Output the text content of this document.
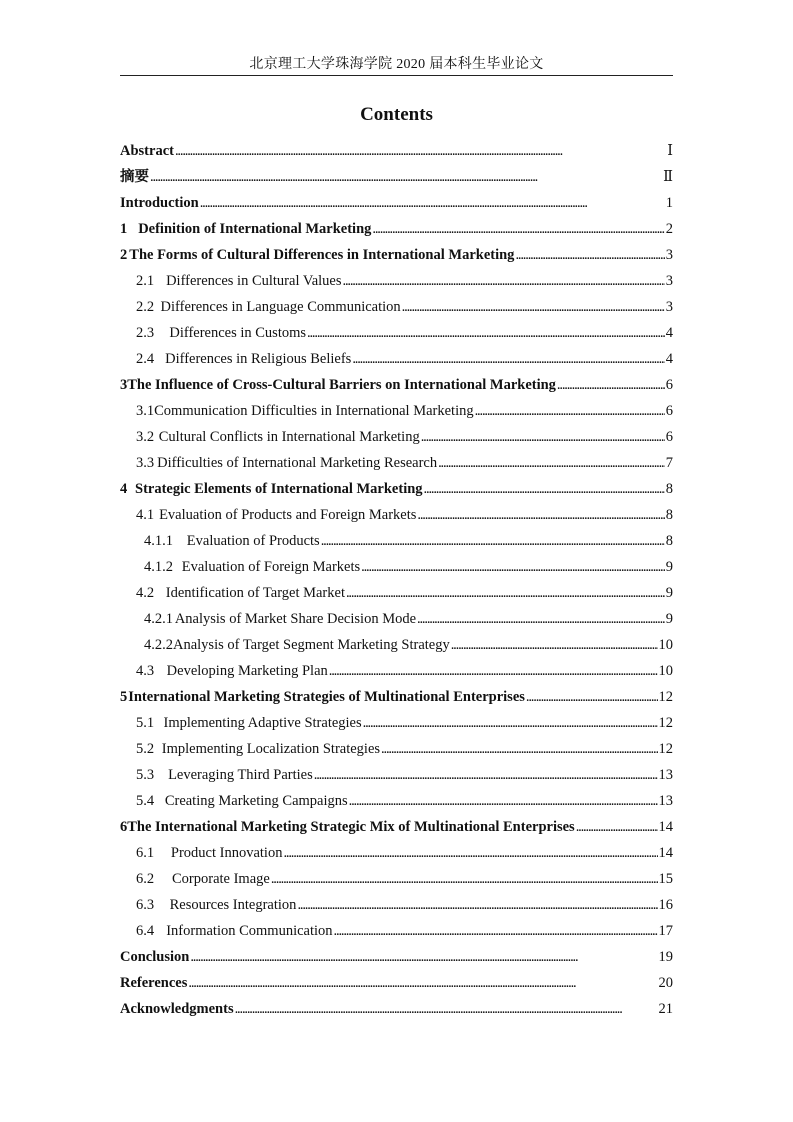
北京理工大学珠海学院 2020 届本科生毕业论文
Contents
Abstract . . .	Ⅰ
摘要 . . .	Ⅱ
Introduction . . .	1
1 Definition of International Marketing . . .	2
2 The Forms of Cultural Differences in International Marketing . . .	3
2.1 Differences in Cultural Values . . .	3
2.2 Differences in Language Communication . . .	3
2.3	Differences in Customs . . .	4
2.4 Differences in Religious Beliefs . . .	4
3 The Influence of Cross-Cultural Barriers on International Marketing . . .	6
3.1 Communication Difficulties in International Marketing . . .	6
3.2 Cultural Conflicts in International Marketing . . .	6
3.3 Difficulties of International Marketing Research . . .	7
4 Strategic Elements of International Marketing . . .	8
4.1 Evaluation of Products and Foreign Markets . . .	8
4.1.1 Evaluation of Products . . .	8
4.1.2 Evaluation of Foreign Markets . . .	9
4.2 Identification of Target Market . . .	9
4.2.1 Analysis of Market Share Decision Mode . . .	9
4.2.2 Analysis of Target Segment Marketing Strategy . . .	10
4.3 Developing Marketing Plan . . .	10
5 International Marketing Strategies of Multinational Enterprises . . .	12
5.1 Implementing Adaptive Strategies . . .	12
5.2 Implementing Localization Strategies . . .	12
5.3 Leveraging Third Parties . . .	13
5.4 Creating Marketing Campaigns . . .	13
6 The International Marketing Strategic Mix of Multinational Enterprises . . .	14
6.1	Product Innovation . . .	14
6.2	Corporate Image . . .	15
6.3	Resources Integration . . .	16
6.4 Information Communication . . .	17
Conclusion . . .	19
References . . .	20
Acknowledgments . . .	21
